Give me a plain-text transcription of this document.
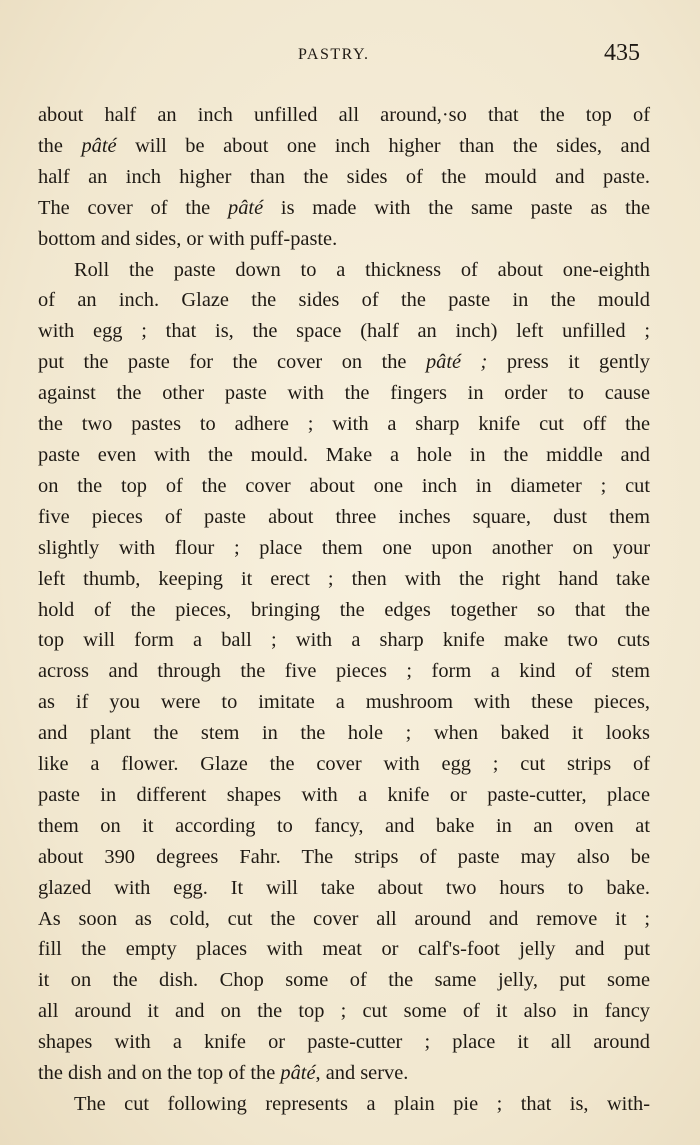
PASTRY.	435
about half an inch unfilled all around,·so that the top of
the pâté will be about one inch higher than the sides, and
half an inch higher than the sides of the mould and paste.
The cover of the pâté is made with the same paste as the
bottom and sides, or with puff-paste.
Roll the paste down to a thickness of about one-eighth
of an inch. Glaze the sides of the paste in the mould
with egg ; that is, the space (half an inch) left unfilled ;
put the paste for the cover on the pâté ; press it gently
against the other paste with the fingers in order to cause
the two pastes to adhere ; with a sharp knife cut off the
paste even with the mould. Make a hole in the middle and
on the top of the cover about one inch in diameter ; cut
five pieces of paste about three inches square, dust them
slightly with flour ; place them one upon another on your
left thumb, keeping it erect ; then with the right hand take
hold of the pieces, bringing the edges together so that the
top will form a ball ; with a sharp knife make two cuts
across and through the five pieces ; form a kind of stem
as if you were to imitate a mushroom with these pieces,
and plant the stem in the hole ; when baked it looks
like a flower. Glaze the cover with egg ; cut strips of
paste in different shapes with a knife or paste-cutter, place
them on it according to fancy, and bake in an oven at
about 390 degrees Fahr. The strips of paste may also be
glazed with egg. It will take about two hours to bake.
As soon as cold, cut the cover all around and remove it ;
fill the empty places with meat or calf's-foot jelly and put
it on the dish. Chop some of the same jelly, put some
all around it and on the top ; cut some of it also in fancy
shapes with a knife or paste-cutter ; place it all around
the dish and on the top of the pâté, and serve.
The cut following represents a plain pie ; that is, with-
